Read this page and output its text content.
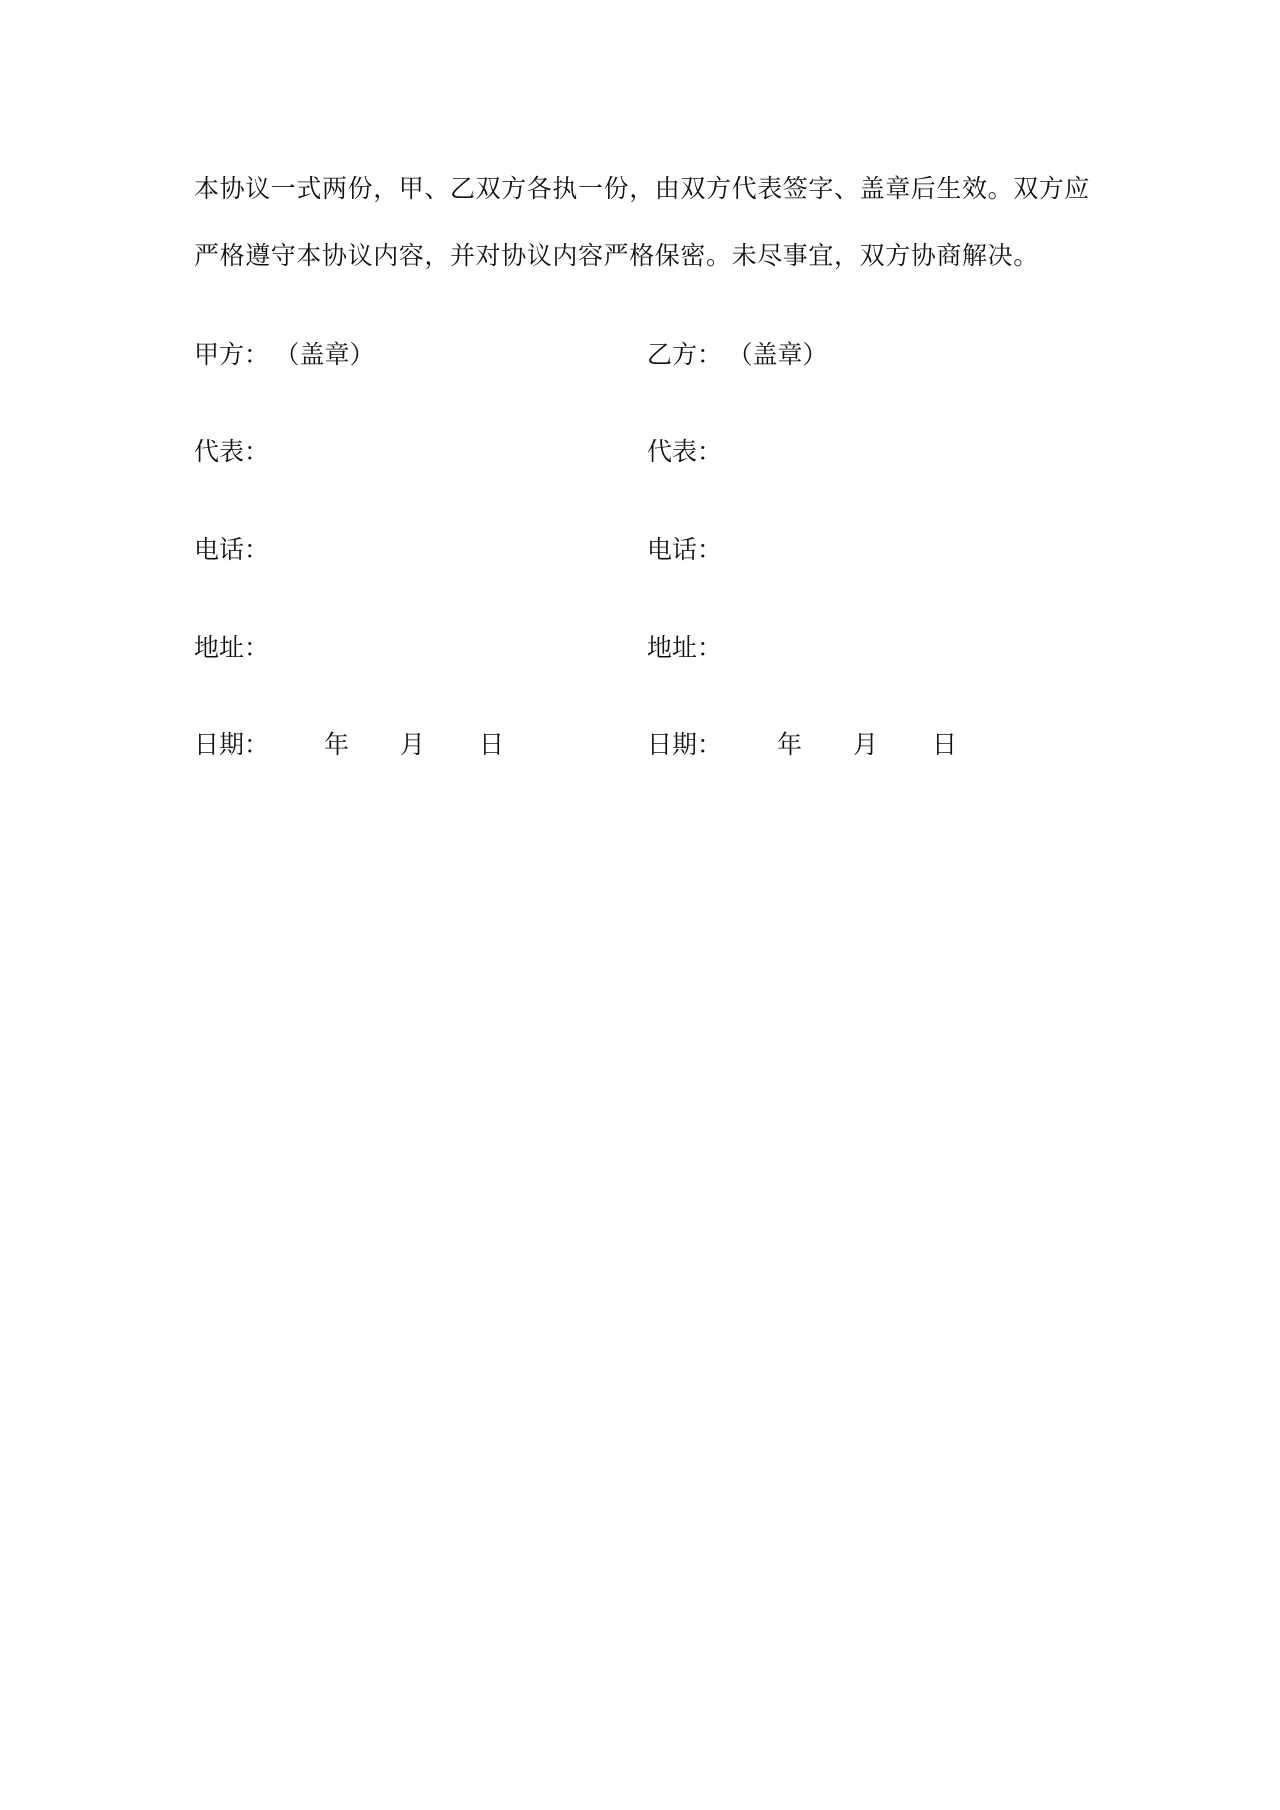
本协议一式两份，甲、乙双方各执一份，由双方代表签字、盖章后生效。双方应
严格遵守本协议内容，并对协议内容严格保密。未尽事宜，双方协商解决。
甲方： （盖章）
代表：
电话：
地址：
日期： 年 月 日
乙方： （盖章）
代表：
电话：
地址：
日期： 年 月 日
